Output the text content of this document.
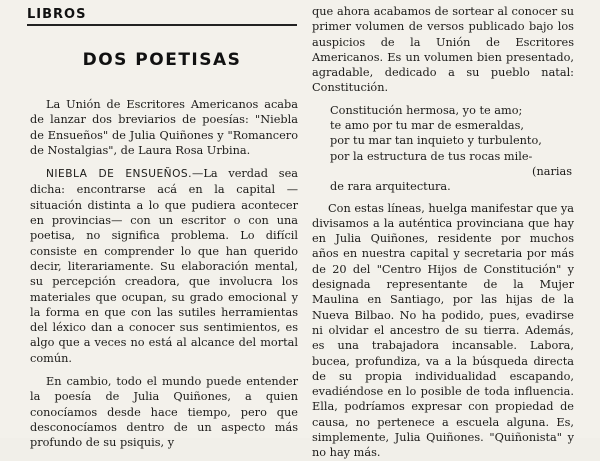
LIBROS
DOS POETISAS

La Unión de Escritores Americanos acaba de lanzar dos breviarios de poesías: "Niebla de Ensueños" de Julia Quiñones y "Romancero de Nostalgias", de Laura Rosa Urbina.

NIEBLA DE ENSUEÑOS.—La verdad sea dicha: encontrarse acá en la capital —situación distinta a lo que pudiera acontecer en provincias— con un escritor o con una poetisa, no significa problema. Lo difícil consiste en comprender lo que han querido decir, literariamente. Su elaboración mental, su percepción creadora, que involucra los materiales que ocupan, su grado emocional y la forma en que con las sutiles herramientas del léxico dan a conocer sus sentimientos, es algo que a veces no está al alcance del mortal común.

En cambio, todo el mundo puede entender la poesía de Julia Quiñones, a quien conocíamos desde hace tiempo, pero que desconocíamos dentro de un aspecto más profundo de su psiquis, y

que ahora acabamos de sortear al conocer su primer volumen de versos publicado bajo los auspicios de la Unión de Escritores Americanos. Es un volumen bien presentado, agradable, dedicado a su pueblo natal: Constitución.

Constitución hermosa, yo te amo;
te amo por tu mar de esmeraldas,
por tu mar tan inquieto y turbulento,
por la estructura de tus rocas mile-
(narias
de rara arquitectura.

Con estas líneas, huelga manifestar que ya divisamos a la auténtica provinciana que hay en Julia Quiñones, residente por muchos años en nuestra capital y secretaria por más de 20 del "Centro Hijos de Constitución" y designada representante de la Mujer Maulina en Santiago, por las hijas de la Nueva Bilbao. No ha podido, pues, evadirse ni olvidar el ancestro de su tierra. Además, es una trabajadora incansable. Labora, bucea, profundiza, va a la búsqueda directa de su propia individualidad escapando, evadiéndose en lo posible de toda influencia. Ella, podríamos expresar con propiedad de causa, no pertenece a escuela alguna. Es, simplemente, Julia Quiñones. "Quiñonista" y no hay más.
